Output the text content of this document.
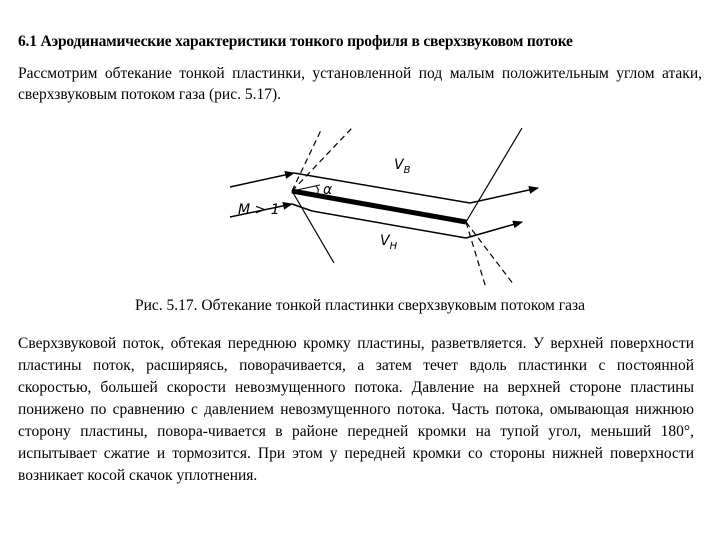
6.1 Аэродинамические характеристики тонкого профиля в сверхзвуковом потоке
Рассмотрим обтекание тонкой пластинки, установленной под малым положительным углом атаки, сверхзвуковым потоком газа (рис. 5.17).
M > 1
α
$V_В$
$V_Н$
Рис. 5.17. Обтекание тонкой пластинки сверхзвуковым потоком газа
Сверхзвуковой поток, обтекая переднюю кромку пластины, разветвляется. У верхней поверхности пластины поток, расширяясь, поворачивается, а затем течет вдоль пластинки с постоянной скоростью, большей скорости невозмущенного потока. Давление на верхней стороне пластины понижено по сравнению с давлением невозмущенного потока. Часть потока, омывающая нижнюю сторону пластины, повора-чивается в районе передней кромки на тупой угол, меньший 180°, испытывает сжатие и тормозится. При этом у передней кромки со стороны нижней поверхности возникает косой скачок уплотнения.
